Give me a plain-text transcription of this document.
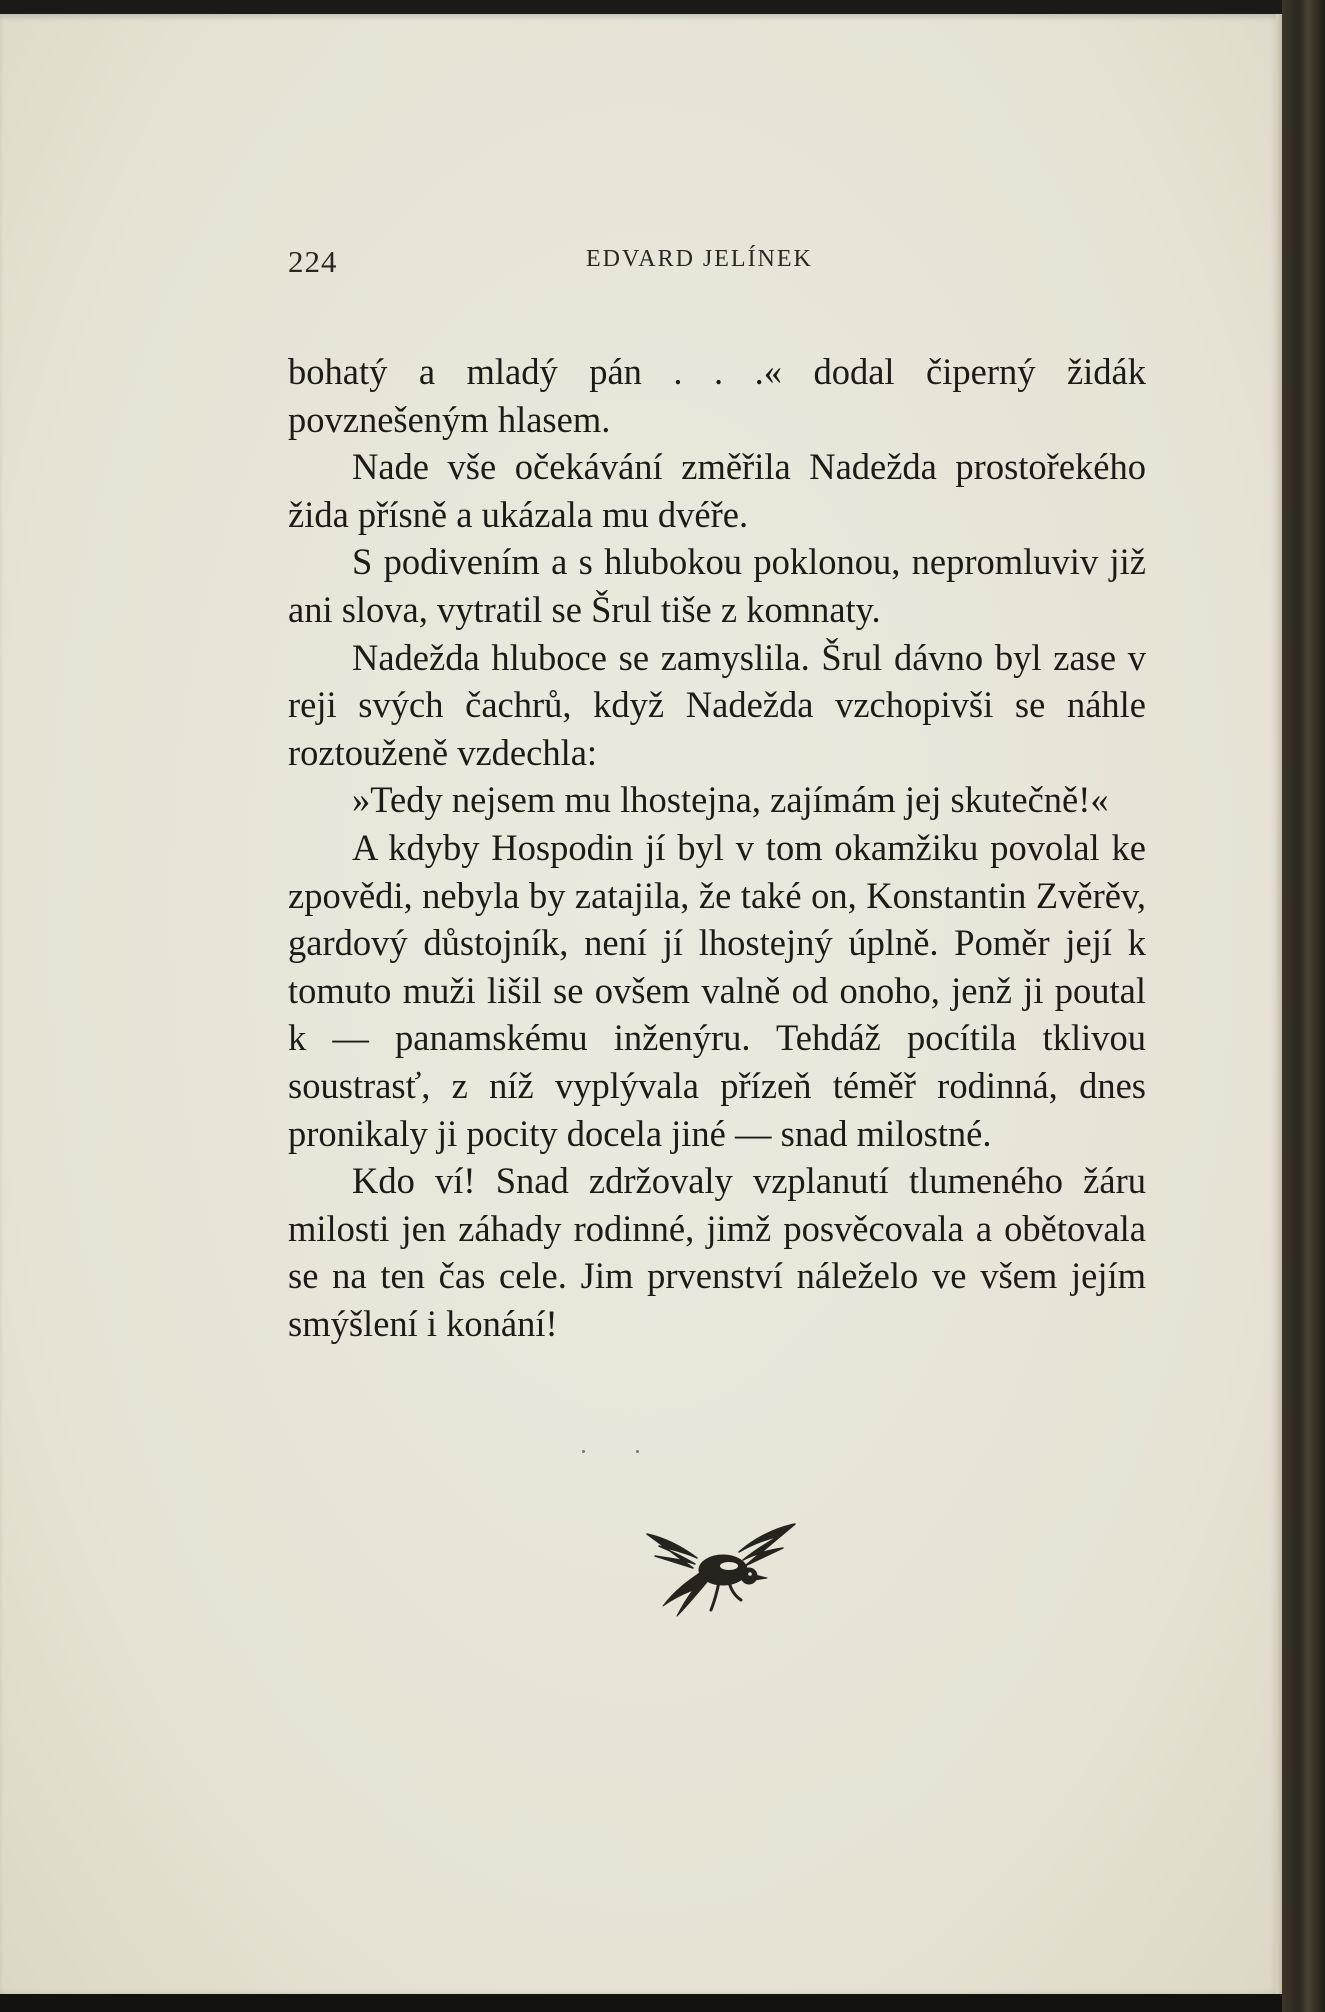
224	EDVARD JELÍNEK

bohatý a mladý pán . . .« dodal čiperný židák povznešeným hlasem.

Nade vše očekávání změřila Nadežda prostořekého žida přísně a ukázala mu dvéře.

S podivením a s hlubokou poklonou, nepromluviv již ani slova, vytratil se Šrul tiše z komnaty.

Nadežda hluboce se zamyslila. Šrul dávno byl zase v reji svých čachrů, když Nadežda vzchopivši se náhle roztouženě vzdechla:

»Tedy nejsem mu lhostejna, zajímám jej skutečně!«

A kdyby Hospodin jí byl v tom okamžiku povolal ke zpovědi, nebyla by zatajila, že také on, Konstantin Zvěrěv, gardový důstojník, není jí lhostejný úplně. Poměr její k tomuto muži lišil se ovšem valně od onoho, jenž ji poutal k — panamskému inženýru. Tehdáž pocítila tklivou soustrasť, z níž vyplývala přízeň téměř rodinná, dnes pronikaly ji pocity docela jiné — snad milostné.

Kdo ví! Snad zdržovaly vzplanutí tlumeného žáru milosti jen záhady rodinné, jimž posvěcovala a obětovala se na ten čas cele. Jim prvenství náleželo ve všem jejím smýšlení i konání!
